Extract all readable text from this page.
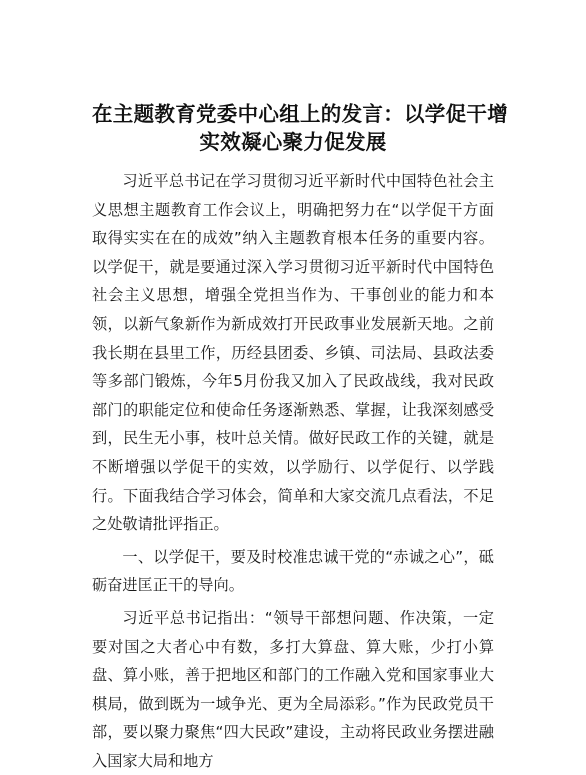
在主题教育党委中心组上的发言：以学促干增
实效凝心聚力促发展

习近平总书记在学习贯彻习近平新时代中国特色社会主义思想主题教育工作会议上，明确把努力在“以学促干方面取得实实在在的成效”纳入主题教育根本任务的重要内容。以学促干，就是要通过深入学习贯彻习近平新时代中国特色社会主义思想，增强全党担当作为、干事创业的能力和本领，以新气象新作为新成效打开民政事业发展新天地。之前我长期在县里工作，历经县团委、乡镇、司法局、县政法委等多部门锻炼，今年5月份我又加入了民政战线，我对民政部门的职能定位和使命任务逐渐熟悉、掌握，让我深刻感受到，民生无小事，枝叶总关情。做好民政工作的关键，就是不断增强以学促干的实效，以学励行、以学促行、以学践行。下面我结合学习体会，简单和大家交流几点看法，不足之处敬请批评指正。

一、以学促干，要及时校准忠诚干党的“赤诚之心”，砥砺奋进匡正干的导向。

习近平总书记指出：“领导干部想问题、作决策，一定要对国之大者心中有数，多打大算盘、算大账，少打小算盘、算小账，善于把地区和部门的工作融入党和国家事业大棋局，做到既为一域争光、更为全局添彩。”作为民政党员干部，要以聚力聚焦“四大民政”建设，主动将民政业务摆进融入国家大局和地方
